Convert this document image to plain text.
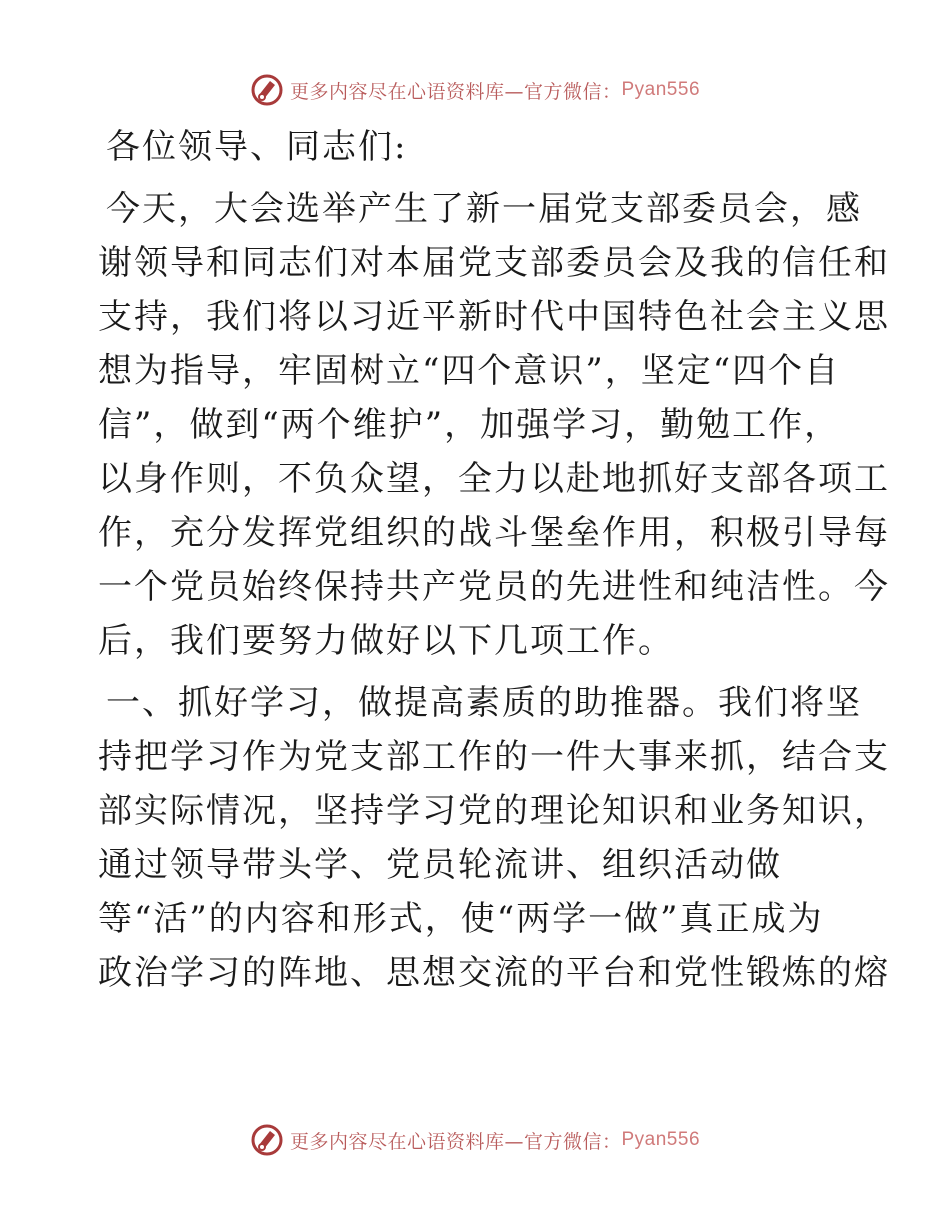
更多内容尽在心语资料库—官方微信： Pyan556
各位领导、同志们:
今天，大会选举产生了新一届党支部委员会，感
谢领导和同志们对本届党支部委员会及我的信任和
支持，我们将以习近平新时代中国特色社会主义思
想为指导，牢固树立“四个意识”，坚定“四个自
信”，做到“两个维护”，加强学习，勤勉工作，
以身作则，不负众望，全力以赴地抓好支部各项工
作，充分发挥党组织的战斗堡垒作用，积极引导每
一个党员始终保持共产党员的先进性和纯洁性。今
后，我们要努力做好以下几项工作。
一、抓好学习，做提高素质的助推器。我们将坚
持把学习作为党支部工作的一件大事来抓，结合支
部实际情况，坚持学习党的理论知识和业务知识，
通过领导带头学、党员轮流讲、组织活动做
等“活”的内容和形式，使“两学一做”真正成为
政治学习的阵地、思想交流的平台和党性锻炼的熔
更多内容尽在心语资料库—官方微信： Pyan556
